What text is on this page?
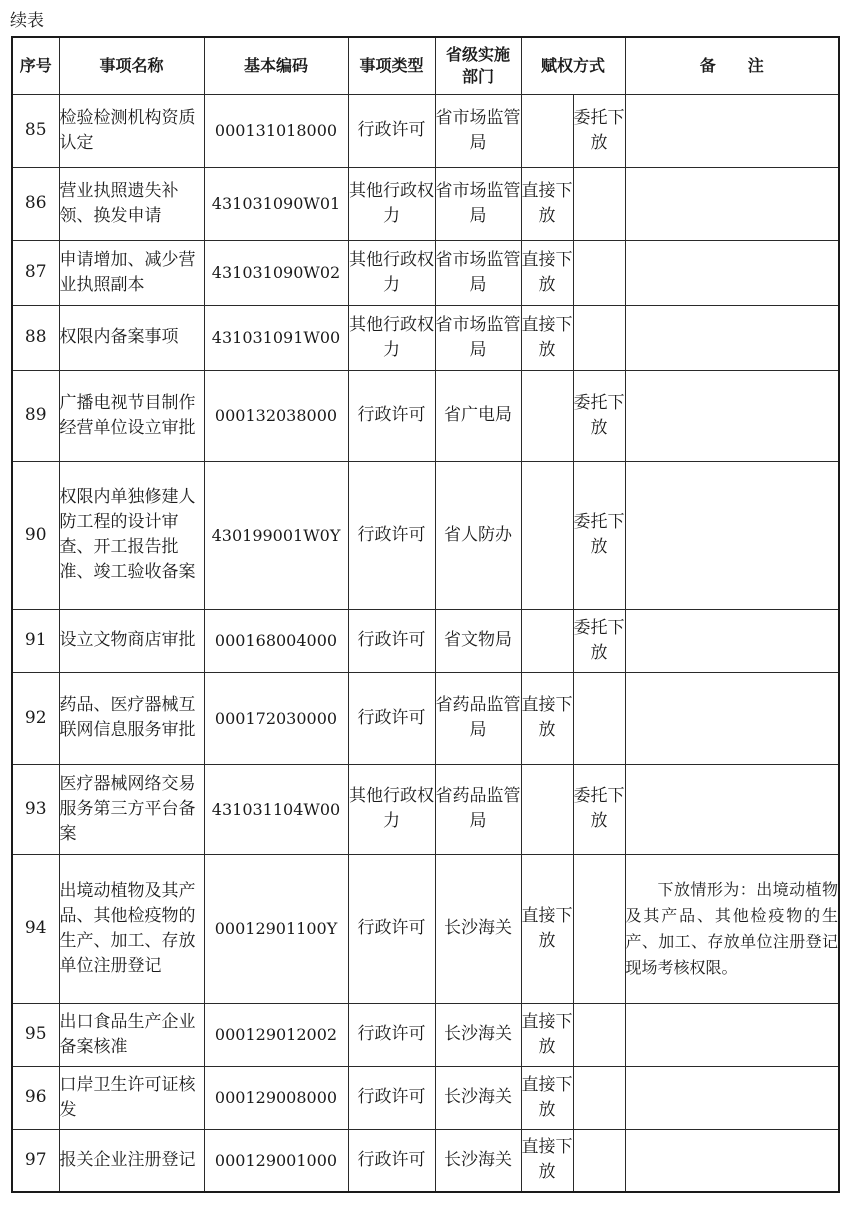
续表
序号	事项名称	基本编码	事项类型	省级实施
部门	赋权方式		备　　注
85	检验检测机构资质认定	000131018000	行政许可	省市场监管局		委托下放	
86	营业执照遗失补领、换发申请	431031090W01	其他行政权力	省市场监管局	直接下放		
87	申请增加、减少营业执照副本	431031090W02	其他行政权力	省市场监管局	直接下放		
88	权限内备案事项	431031091W00	其他行政权力	省市场监管局	直接下放		
89	广播电视节目制作经营单位设立审批	000132038000	行政许可	省广电局		委托下放	
90	权限内单独修建人防工程的设计审查、开工报告批准、竣工验收备案	430199001W0Y	行政许可	省人防办		委托下放	
91	设立文物商店审批	000168004000	行政许可	省文物局		委托下放	
92	药品、医疗器械互联网信息服务审批	000172030000	行政许可	省药品监管局	直接下放		
93	医疗器械网络交易服务第三方平台备案	431031104W00	其他行政权力	省药品监管局		委托下放	
94	出境动植物及其产品、其他检疫物的生产、加工、存放单位注册登记	00012901100Y	行政许可	长沙海关	直接下放		下放情形为：出境动植物及其产品、其他检疫物的生产、加工、存放单位注册登记现场考核权限。
95	出口食品生产企业备案核准	000129012002	行政许可	长沙海关	直接下放		
96	口岸卫生许可证核发	000129008000	行政许可	长沙海关	直接下放		
97	报关企业注册登记	000129001000	行政许可	长沙海关	直接下放		
